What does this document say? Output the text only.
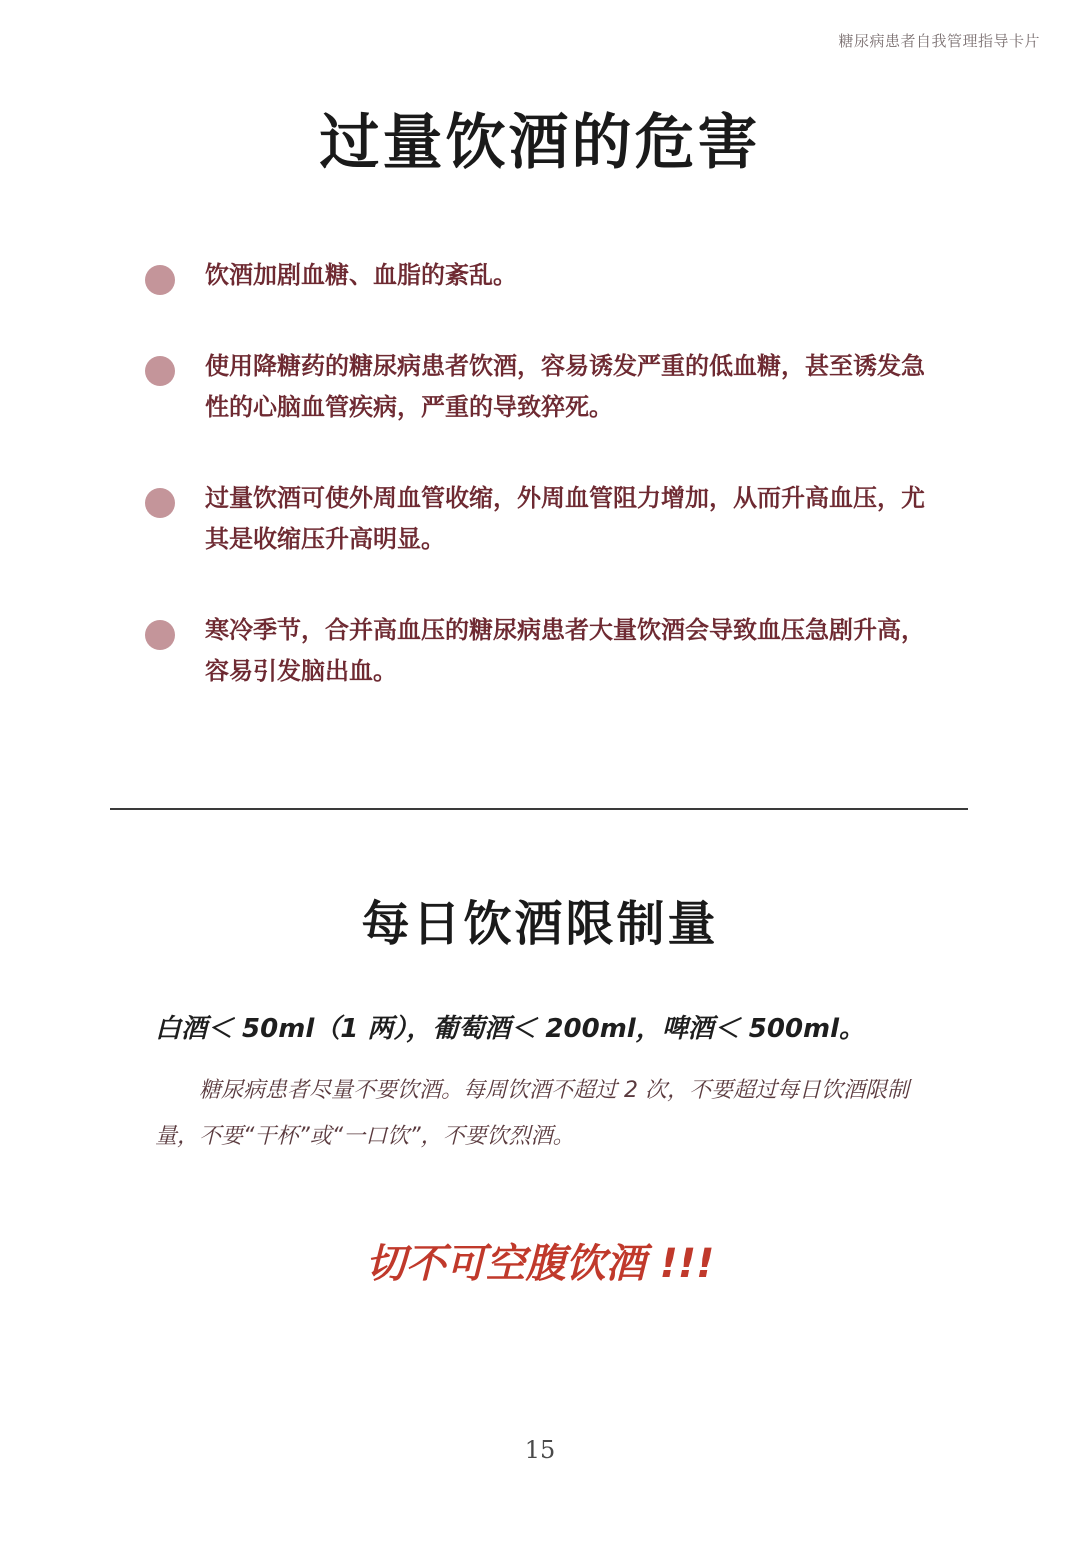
糖尿病患者自我管理指导卡片
过量饮酒的危害
饮酒加剧血糖、血脂的紊乱。
使用降糖药的糖尿病患者饮酒，容易诱发严重的低血糖，甚至诱发急性的心脑血管疾病，严重的导致猝死。
过量饮酒可使外周血管收缩，外周血管阻力增加，从而升高血压，尤其是收缩压升高明显。
寒冷季节，合并高血压的糖尿病患者大量饮酒会导致血压急剧升高，容易引发脑出血。
每日饮酒限制量

白酒＜ 50ml（1 两），葡萄酒＜ 200ml，啤酒＜ 500ml。

糖尿病患者尽量不要饮酒。每周饮酒不超过 2 次，不要超过每日饮酒限制量，不要“干杯”或“一口饮”，不要饮烈酒。

切不可空腹饮酒 !!!

15
